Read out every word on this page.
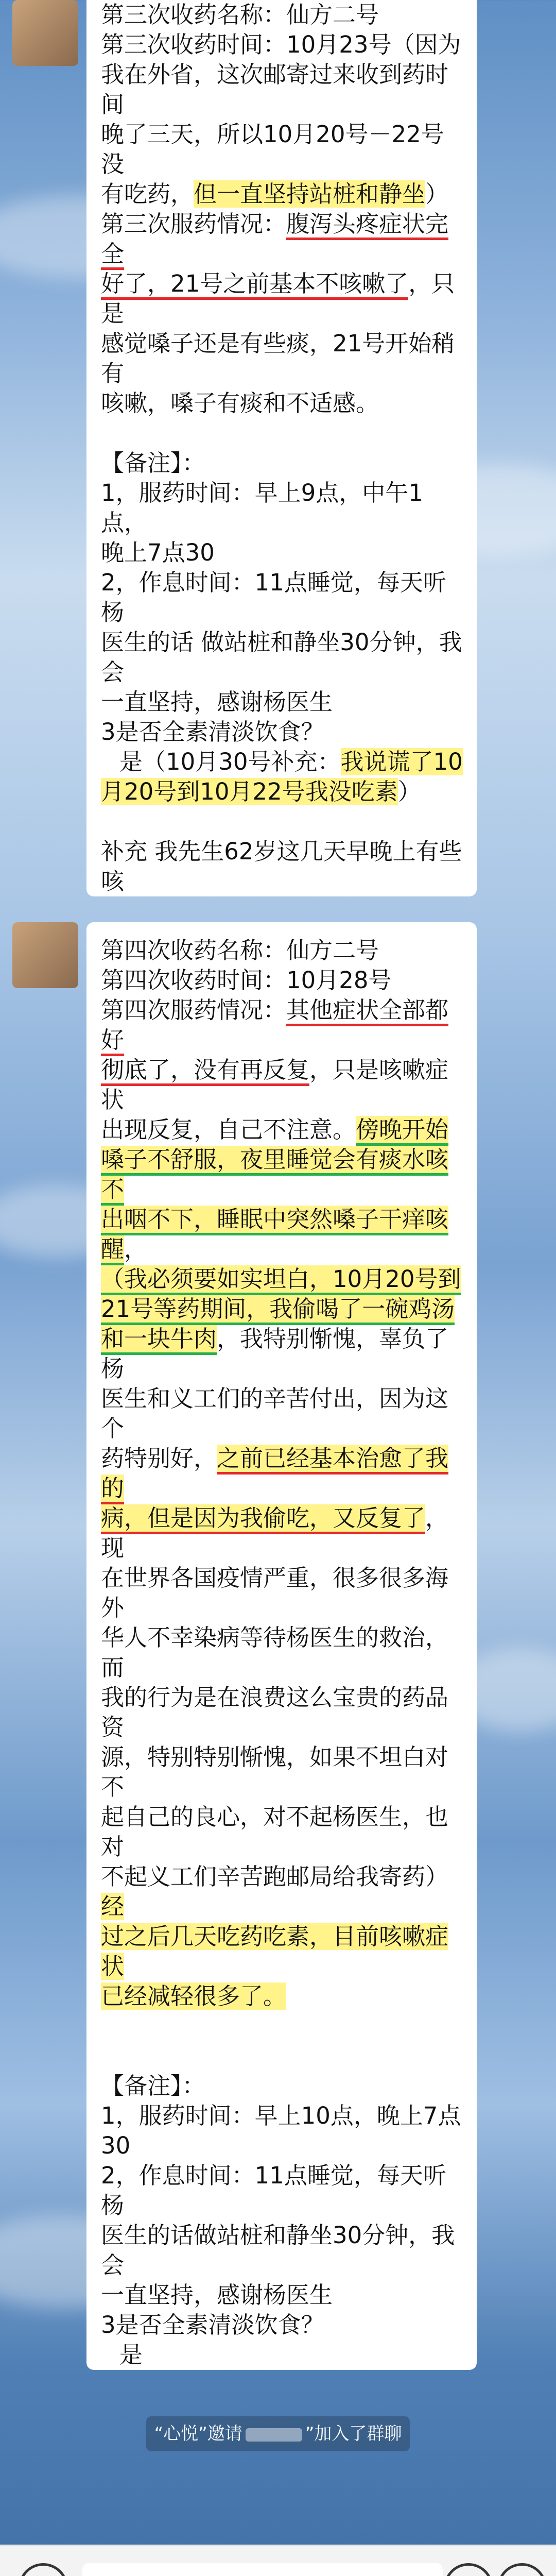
第三次收药名称：仙方二号

第三次收药时间：10月23号（因为

我在外省，这次邮寄过来收到药时间

晚了三天，所以10月20号－22号没

有吃药，但一直坚持站桩和静坐）

第三次服药情况：腹泻头疼症状完全

好了，21号之前基本不咳嗽了，只是

感觉嗓子还是有些痰，21号开始稍有

咳嗽，嗓子有痰和不适感。

【备注】：

1，服药时间：早上9点，中午1点，

晚上7点30

2，作息时间：11点睡觉，每天听杨

医生的话 做站桩和静坐30分钟，我会

一直坚持，感谢杨医生

3是否全素清淡饮食？

是（10月30号补充：我说谎了10

月20号到10月22号我没吃素）

补充 我先生62岁这几天早晚上有些咳

第四次收药名称：仙方二号

第四次收药时间：10月28号

第四次服药情况：其他症状全部都好

彻底了，没有再反复，只是咳嗽症状

出现反复，自己不注意。傍晚开始

嗓子不舒服，夜里睡觉会有痰水咳不

出咽不下，睡眠中突然嗓子干痒咳醒，

（我必须要如实坦白，10月20号到

21号等药期间，我偷喝了一碗鸡汤

和一块牛肉，我特别惭愧，辜负了杨

医生和义工们的辛苦付出，因为这个

药特别好，之前已经基本治愈了我的

病，但是因为我偷吃，又反复了，现

在世界各国疫情严重，很多很多海外

华人不幸染病等待杨医生的救治，而

我的行为是在浪费这么宝贵的药品资

源，特别特别惭愧，如果不坦白对不

起自己的良心，对不起杨医生，也对

不起义工们辛苦跑邮局给我寄药）经

过之后几天吃药吃素，目前咳嗽症状

已经减轻很多了。

【备注】：

1，服药时间：早上10点，晚上7点

30

2，作息时间：11点睡觉，每天听杨

医生的话做站桩和静坐30分钟，我会

一直坚持，感谢杨医生

3是否全素清淡饮食？

是

“心悦”邀请	”加入了群聊
